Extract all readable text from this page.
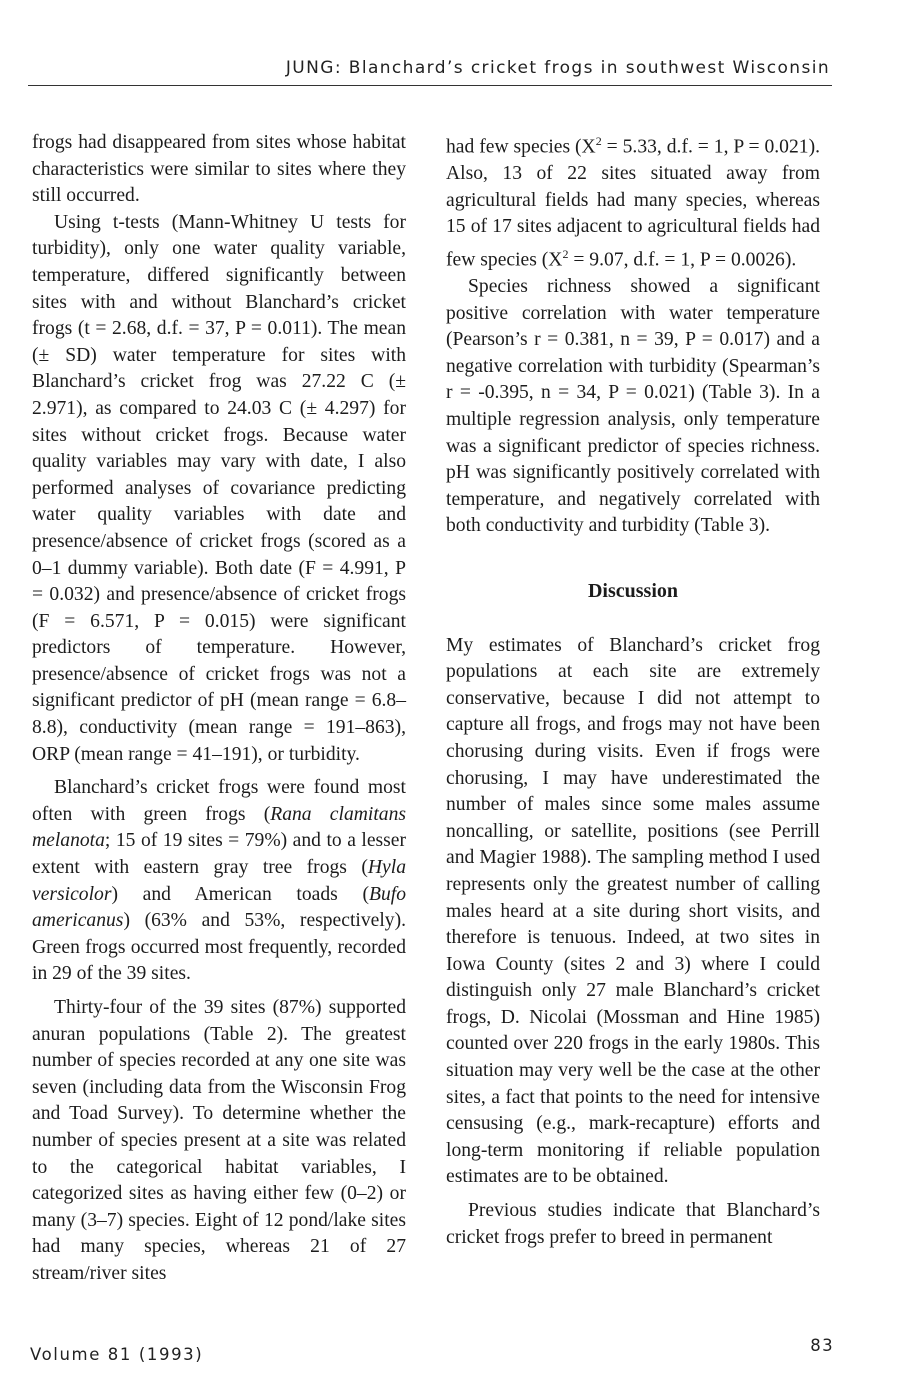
JUNG: Blanchard’s cricket frogs in southwest Wisconsin

frogs had disappeared from sites whose habitat characteristics were similar to sites where they still occurred.

Using t-tests (Mann-Whitney U tests for turbidity), only one water quality variable, temperature, differed significantly between sites with and without Blanchard’s cricket frogs (t = 2.68, d.f. = 37, P = 0.011). The mean (± SD) water temperature for sites with Blanchard’s cricket frog was 27.22 C (± 2.971), as compared to 24.03 C (± 4.297) for sites without cricket frogs. Because water quality variables may vary with date, I also performed analyses of covariance predicting water quality variables with date and presence/absence of cricket frogs (scored as a 0–1 dummy variable). Both date (F = 4.991, P = 0.032) and presence/absence of cricket frogs (F = 6.571, P = 0.015) were significant predictors of temperature. However, presence/absence of cricket frogs was not a significant predictor of pH (mean range = 6.8–8.8), conductivity (mean range = 191–863), ORP (mean range = 41–191), or turbidity.

Blanchard’s cricket frogs were found most often with green frogs (Rana clamitans melanota; 15 of 19 sites = 79%) and to a lesser extent with eastern gray tree frogs (Hyla versicolor) and American toads (Bufo americanus) (63% and 53%, respectively). Green frogs occurred most frequently, recorded in 29 of the 39 sites.

Thirty-four of the 39 sites (87%) supported anuran populations (Table 2). The greatest number of species recorded at any one site was seven (including data from the Wisconsin Frog and Toad Survey). To determine whether the number of species present at a site was related to the categorical habitat variables, I categorized sites as having either few (0–2) or many (3–7) species. Eight of 12 pond/lake sites had many species, whereas 21 of 27 stream/river sites

had few species ($X^2 = 5.33$, d.f. = 1, P = 0.021). Also, 13 of 22 sites situated away from agricultural fields had many species, whereas 15 of 17 sites adjacent to agricultural fields had few species ($X^2 = 9.07$, d.f. = 1, P = 0.0026).

Species richness showed a significant positive correlation with water temperature (Pearson’s r = 0.381, n = 39, P = 0.017) and a negative correlation with turbidity (Spearman’s r = -0.395, n = 34, P = 0.021) (Table 3). In a multiple regression analysis, only temperature was a significant predictor of species richness. pH was significantly positively correlated with temperature, and negatively correlated with both conductivity and turbidity (Table 3).

Discussion

My estimates of Blanchard’s cricket frog populations at each site are extremely conservative, because I did not attempt to capture all frogs, and frogs may not have been chorusing during visits. Even if frogs were chorusing, I may have underestimated the number of males since some males assume noncalling, or satellite, positions (see Perrill and Magier 1988). The sampling method I used represents only the greatest number of calling males heard at a site during short visits, and therefore is tenuous. Indeed, at two sites in Iowa County (sites 2 and 3) where I could distinguish only 27 male Blanchard’s cricket frogs, D. Nicolai (Mossman and Hine 1985) counted over 220 frogs in the early 1980s. This situation may very well be the case at the other sites, a fact that points to the need for intensive censusing (e.g., mark-recapture) efforts and long-term monitoring if reliable population estimates are to be obtained.

Previous studies indicate that Blanchard’s cricket frogs prefer to breed in permanent

Volume 81 (1993)	83
